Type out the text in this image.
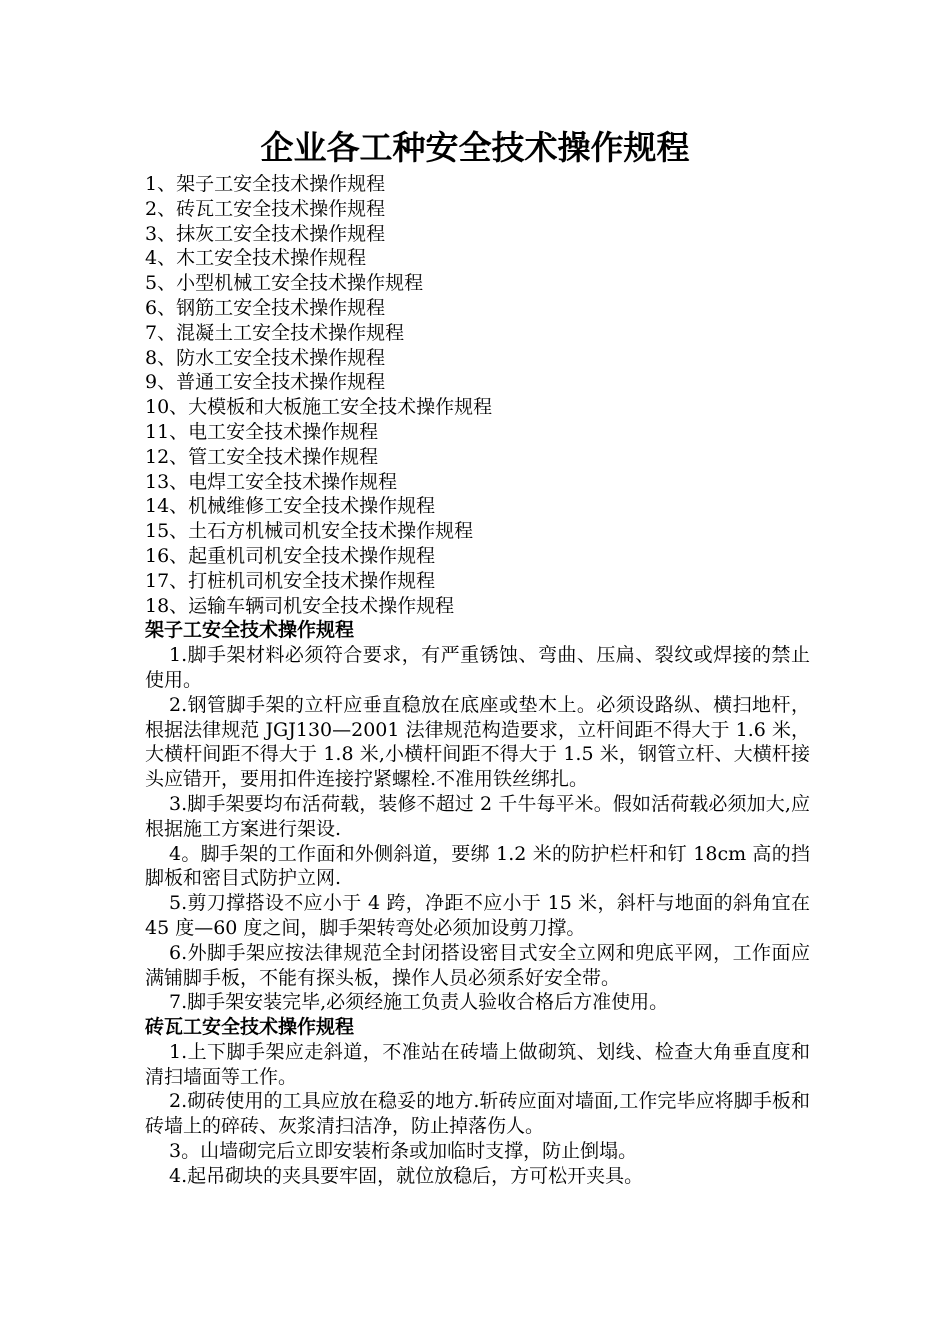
企业各工种安全技术操作规程
1、架子工安全技术操作规程
2、砖瓦工安全技术操作规程
3、抹灰工安全技术操作规程
4、木工安全技术操作规程
5、小型机械工安全技术操作规程
6、钢筋工安全技术操作规程
7、混凝土工安全技术操作规程
8、防水工安全技术操作规程
9、普通工安全技术操作规程
10、大模板和大板施工安全技术操作规程
11、电工安全技术操作规程
12、管工安全技术操作规程
13、电焊工安全技术操作规程
14、机械维修工安全技术操作规程
15、土石方机械司机安全技术操作规程
16、起重机司机安全技术操作规程
17、打桩机司机安全技术操作规程
18、运输车辆司机安全技术操作规程
架子工安全技术操作规程

1.脚手架材料必须符合要求，有严重锈蚀、弯曲、压扁、裂纹或焊接的禁止使用。

2.钢管脚手架的立杆应垂直稳放在底座或垫木上。必须设路纵、横扫地杆，根据法律规范 JGJ130—2001 法律规范构造要求，立杆间距不得大于 1.6 米，大横杆间距不得大于 1.8 米,小横杆间距不得大于 1.5 米，钢管立杆、大横杆接头应错开，要用扣件连接拧紧螺栓.不准用铁丝绑扎。

3.脚手架要均布活荷载，装修不超过 2 千牛每平米。假如活荷载必须加大,应根据施工方案进行架设.

4。脚手架的工作面和外侧斜道，要绑 1.2 米的防护栏杆和钉 18cm 高的挡脚板和密目式防护立网.

5.剪刀撑搭设不应小于 4 跨，净距不应小于 15 米，斜杆与地面的斜角宜在 45 度—60 度之间，脚手架转弯处必须加设剪刀撑。

6.外脚手架应按法律规范全封闭搭设密目式安全立网和兜底平网，工作面应满铺脚手板，不能有探头板，操作人员必须系好安全带。

7.脚手架安装完毕,必须经施工负责人验收合格后方准使用。

砖瓦工安全技术操作规程

1.上下脚手架应走斜道，不准站在砖墙上做砌筑、划线、检查大角垂直度和清扫墙面等工作。

2.砌砖使用的工具应放在稳妥的地方.斩砖应面对墙面,工作完毕应将脚手板和砖墙上的碎砖、灰浆清扫洁净，防止掉落伤人。

3。山墙砌完后立即安装桁条或加临时支撑，防止倒塌。

4.起吊砌块的夹具要牢固，就位放稳后，方可松开夹具。
